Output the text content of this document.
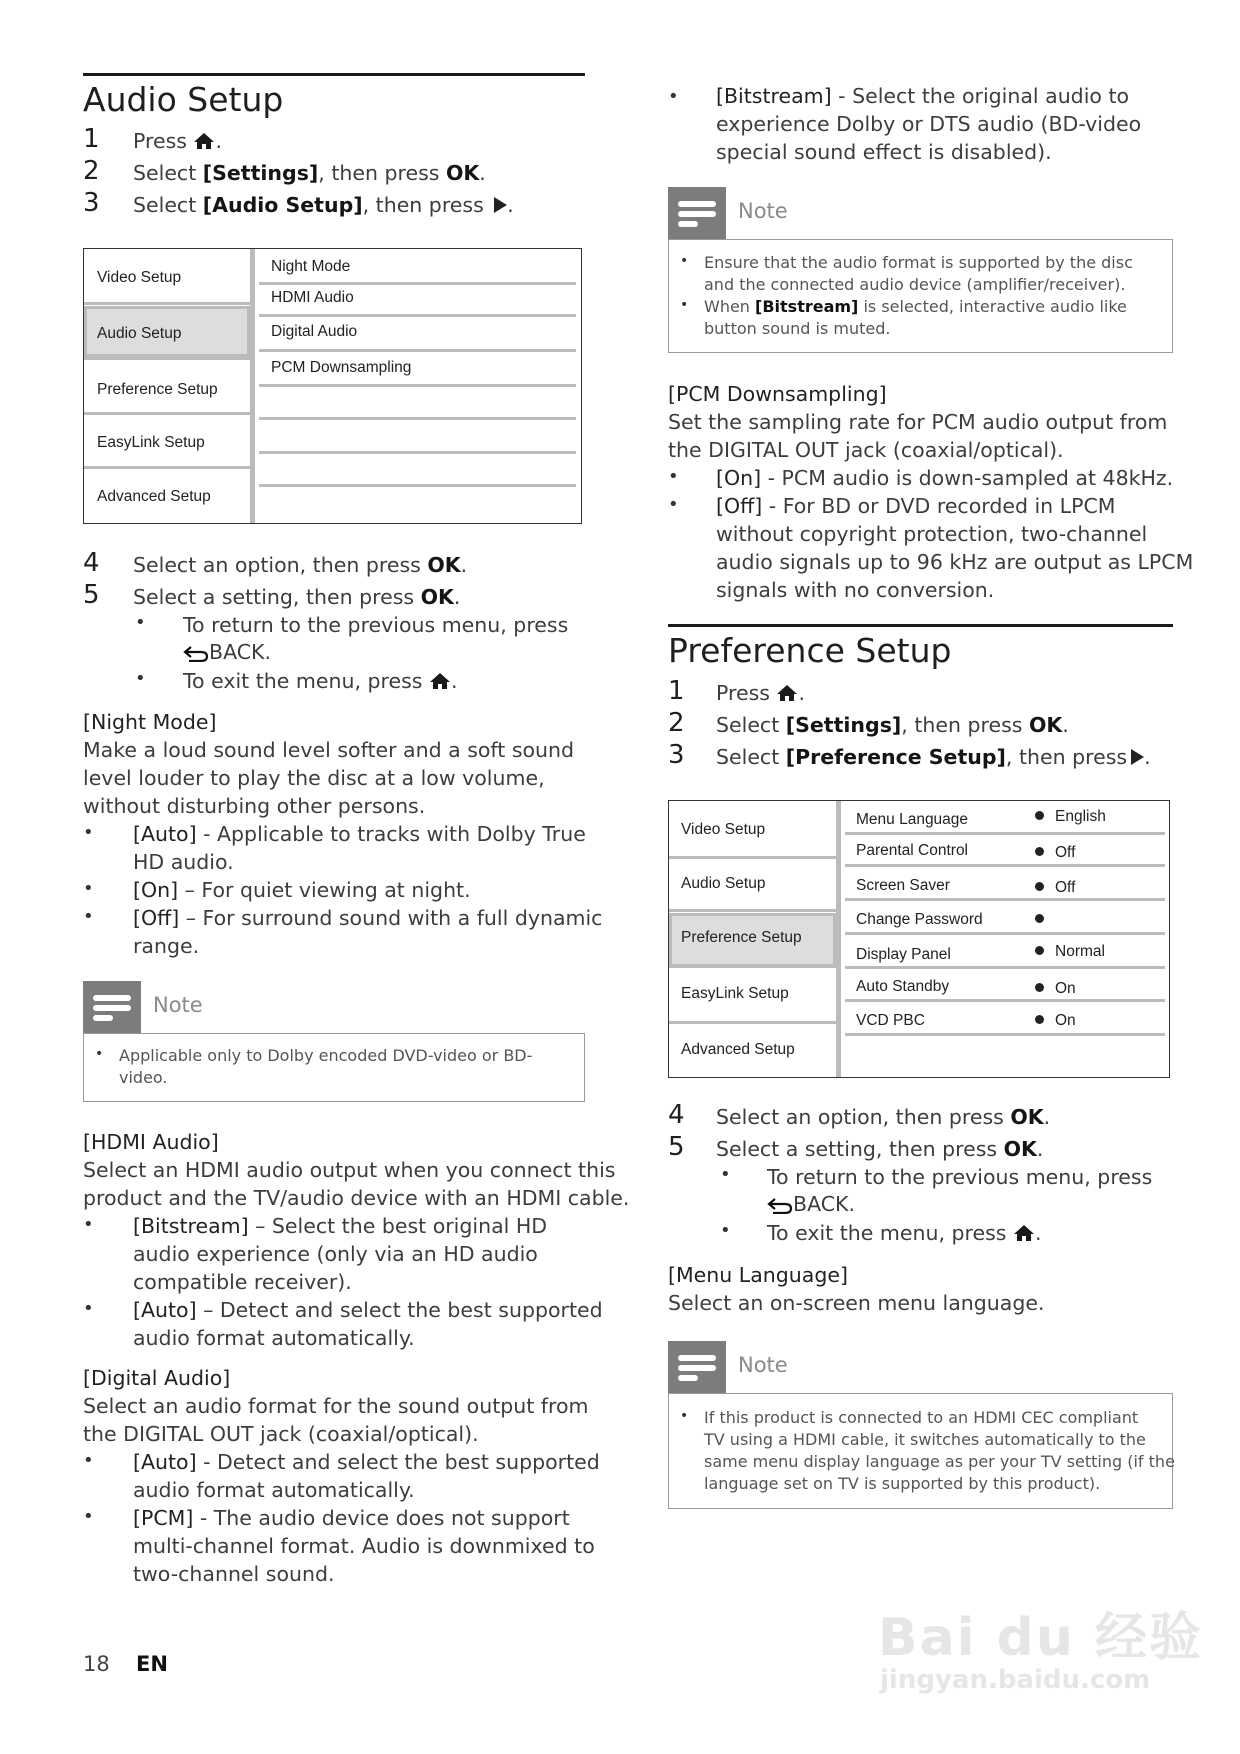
Audio Setup
1 Press .
2 Select [Settings], then press OK.
3 Select [Audio Setup], then press .
Video Setup
Audio Setup
Preference Setup
EasyLink Setup
Advanced Setup
Night Mode
HDMI Audio
Digital Audio
PCM Downsampling
4 Select an option, then press OK.
5 Select a setting, then press OK.
• To return to the previous menu, press
BACK.
• To exit the menu, press .
[Night Mode]
Make a loud sound level softer and a soft sound
level louder to play the disc at a low volume,
without disturbing other persons.
• [Auto] - Applicable to tracks with Dolby True
HD audio.
• [On] – For quiet viewing at night.
• [Off] – For surround sound with a full dynamic
range.
Note
• Applicable only to Dolby encoded DVD-video or BD-
video.
[HDMI Audio]
Select an HDMI audio output when you connect this
product and the TV/audio device with an HDMI cable.
• [Bitstream] – Select the best original HD
audio experience (only via an HD audio
compatible receiver).
• [Auto] – Detect and select the best supported
audio format automatically.
[Digital Audio]
Select an audio format for the sound output from
the DIGITAL OUT jack (coaxial/optical).
• [Auto] - Detect and select the best supported
audio format automatically.
• [PCM] - The audio device does not support
multi-channel format. Audio is downmixed to
two-channel sound.
18 EN
• [Bitstream] - Select the original audio to
experience Dolby or DTS audio (BD-video
special sound effect is disabled).
Note
• Ensure that the audio format is supported by the disc
and the connected audio device (amplifier/receiver).
• When [Bitstream] is selected, interactive audio like
button sound is muted.
[PCM Downsampling]
Set the sampling rate for PCM audio output from
the DIGITAL OUT jack (coaxial/optical).
• [On] - PCM audio is down-sampled at 48kHz.
• [Off] - For BD or DVD recorded in LPCM
without copyright protection, two-channel
audio signals up to 96 kHz are output as LPCM
signals with no conversion.
Preference Setup
1 Press .
2 Select [Settings], then press OK.
3 Select [Preference Setup], then press .
Video Setup
Audio Setup
Preference Setup
EasyLink Setup
Advanced Setup
Menu Language	English
Parental Control	Off
Screen Saver	Off
Change Password
Display Panel	Normal
Auto Standby	On
VCD PBC	On
4 Select an option, then press OK.
5 Select a setting, then press OK.
• To return to the previous menu, press
BACK.
• To exit the menu, press .
[Menu Language]
Select an on-screen menu language.
Note
• If this product is connected to an HDMI CEC compliant
TV using a HDMI cable, it switches automatically to the
same menu display language as per your TV setting (if the
language set on TV is supported by this product).
Bai du 经验
jingyan.baidu.com
